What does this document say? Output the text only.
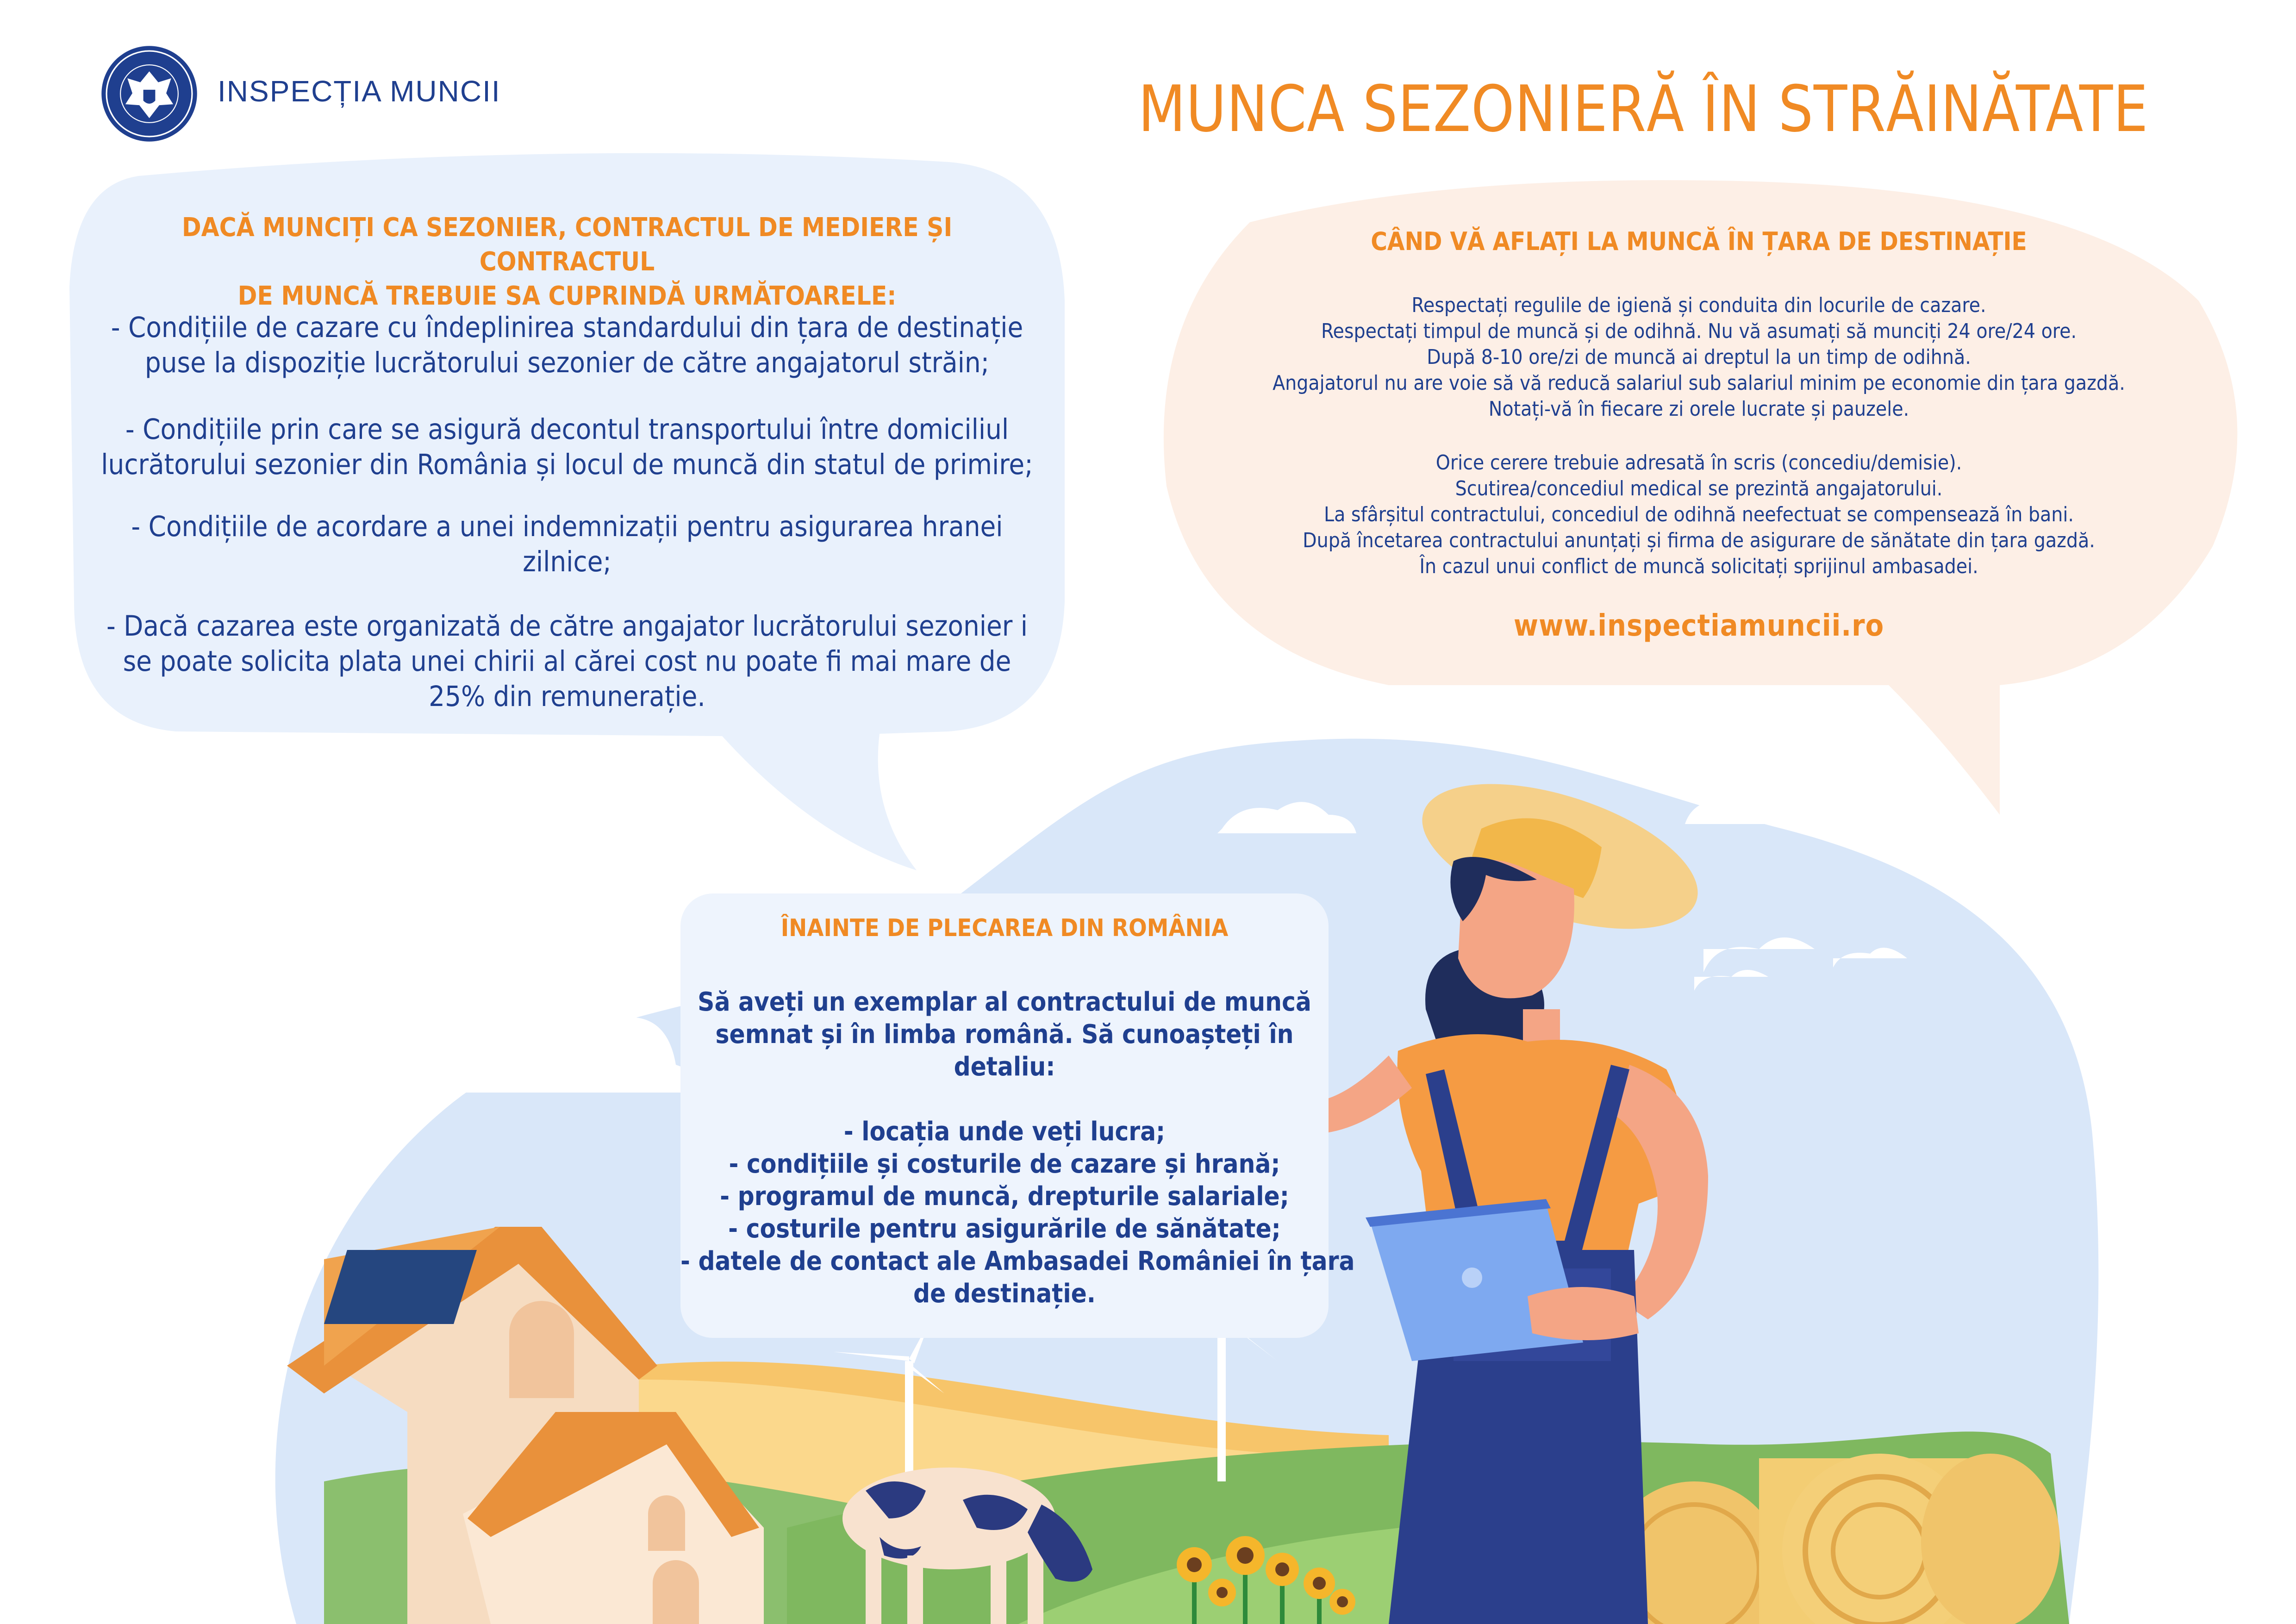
INSPECȚIA MUNCII	MUNCA SEZONIERĂ ÎN STRĂINĂTATE
DACĂ MUNCIȚI CA SEZONIER, CONTRACTUL DE MEDIERE ȘI CONTRACTUL
DE MUNCĂ TREBUIE SA CUPRINDĂ URMĂTOARELE:
- Condițiile de cazare cu îndeplinirea standardului din țara de destinație
puse la dispoziție lucrătorului sezonier de către angajatorul străin;
- Condițiile prin care se asigură decontul transportului între domiciliul
lucrătorului sezonier din România și locul de muncă din statul de primire;
- Condițiile de acordare a unei indemnizații pentru asigurarea hranei
zilnice;
- Dacă cazarea este organizată de către angajator lucrătorului sezonier i
se poate solicita plata unei chirii al cărei cost nu poate fi mai mare de
25% din remunerație.
CÂND VĂ AFLAȚI LA MUNCĂ ÎN ȚARA DE DESTINAȚIE
Respectați regulile de igienă și conduita din locurile de cazare.
Respectați timpul de muncă și de odihnă. Nu vă asumați să munciți 24 ore/24 ore.
După 8-10 ore/zi de muncă ai dreptul la un timp de odihnă.
Angajatorul nu are voie să vă reducă salariul sub salariul minim pe economie din țara gazdă.
Notați-vă în fiecare zi orele lucrate și pauzele.
Orice cerere trebuie adresată în scris (concediu/demisie).
Scutirea/concediul medical se prezintă angajatorului.
La sfârșitul contractului, concediul de odihnă neefectuat se compensează în bani.
După încetarea contractului anunțați și firma de asigurare de sănătate din țara gazdă.
În cazul unui conflict de muncă solicitați sprijinul ambasadei.
www.inspectiamuncii.ro
ÎNAINTE DE PLECAREA DIN ROMÂNIA
Să aveți un exemplar al contractului de muncă
semnat și în limba română. Să cunoașteți în
detaliu:
- locația unde veți lucra;
- condițiile și costurile de cazare și hrană;
- programul de muncă, drepturile salariale;
- costurile pentru asigurările de sănătate;
- datele de contact ale Ambasadei României în țara
de destinație.
